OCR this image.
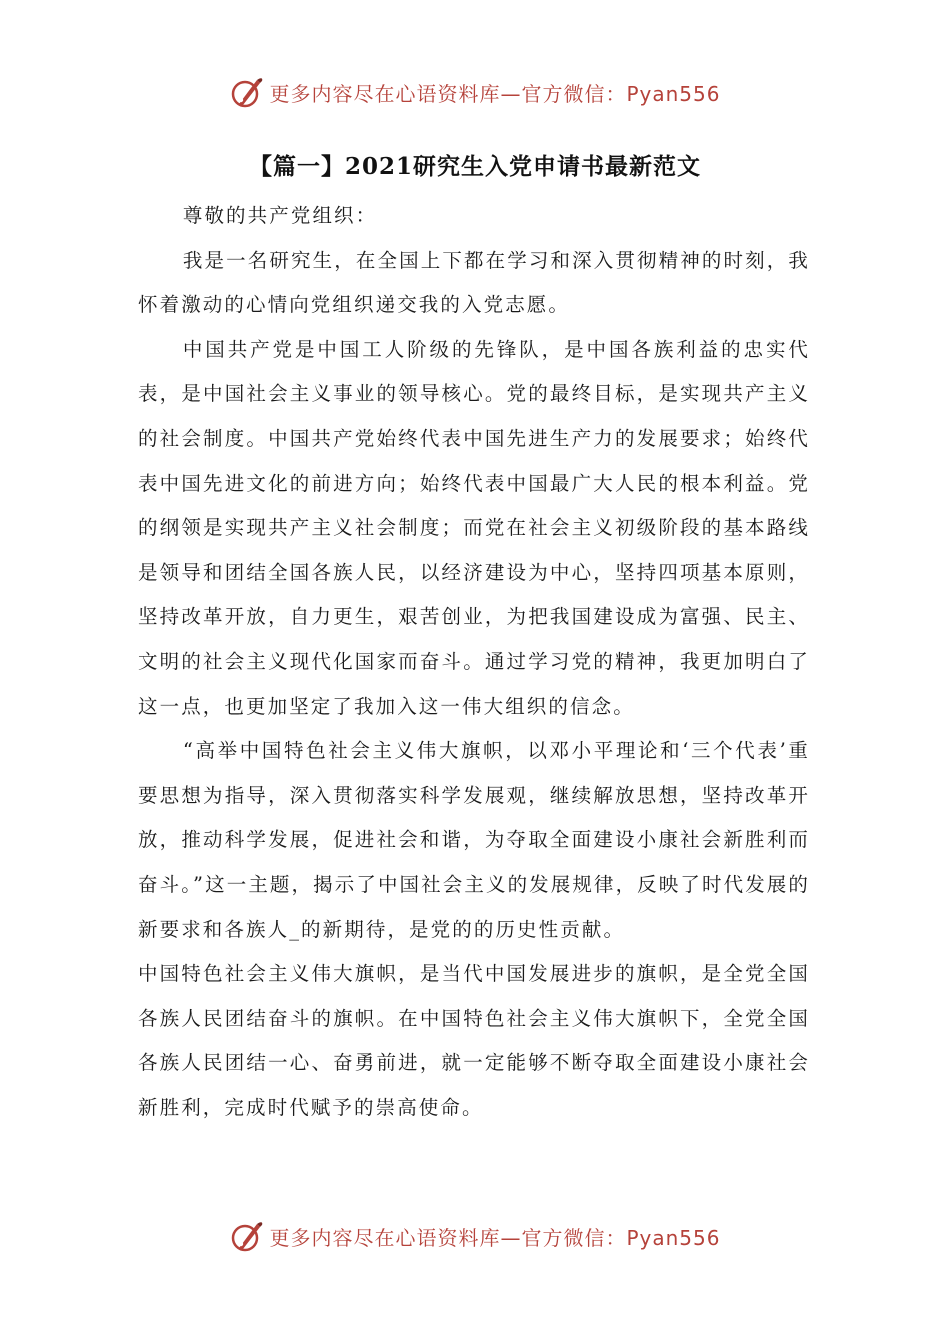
更多内容尽在心语资料库—官方微信：Pyan556
【篇一】2021研究生入党申请书最新范文

尊敬的共产党组织：

我是一名研究生，在全国上下都在学习和深入贯彻精神的时刻，我怀着激动的心情向党组织递交我的入党志愿。

中国共产党是中国工人阶级的先锋队，是中国各族利益的忠实代表，是中国社会主义事业的领导核心。党的最终目标，是实现共产主义的社会制度。中国共产党始终代表中国先进生产力的发展要求；始终代表中国先进文化的前进方向；始终代表中国最广大人民的根本利益。党的纲领是实现共产主义社会制度；而党在社会主义初级阶段的基本路线是领导和团结全国各族人民，以经济建设为中心，坚持四项基本原则，坚持改革开放，自力更生，艰苦创业，为把我国建设成为富强、民主、文明的社会主义现代化国家而奋斗。通过学习党的精神，我更加明白了这一点，也更加坚定了我加入这一伟大组织的信念。

“高举中国特色社会主义伟大旗帜，以邓小平理论和‘三个代表’重要思想为指导，深入贯彻落实科学发展观，继续解放思想，坚持改革开放，推动科学发展，促进社会和谐，为夺取全面建设小康社会新胜利而奋斗。”这一主题，揭示了中国社会主义的发展规律，反映了时代发展的新要求和各族人_的新期待，是党的的历史性贡献。

中国特色社会主义伟大旗帜，是当代中国发展进步的旗帜，是全党全国各族人民团结奋斗的旗帜。在中国特色社会主义伟大旗帜下，全党全国各族人民团结一心、奋勇前进，就一定能够不断夺取全面建设小康社会新胜利，完成时代赋予的崇高使命。

更多内容尽在心语资料库—官方微信：Pyan556
